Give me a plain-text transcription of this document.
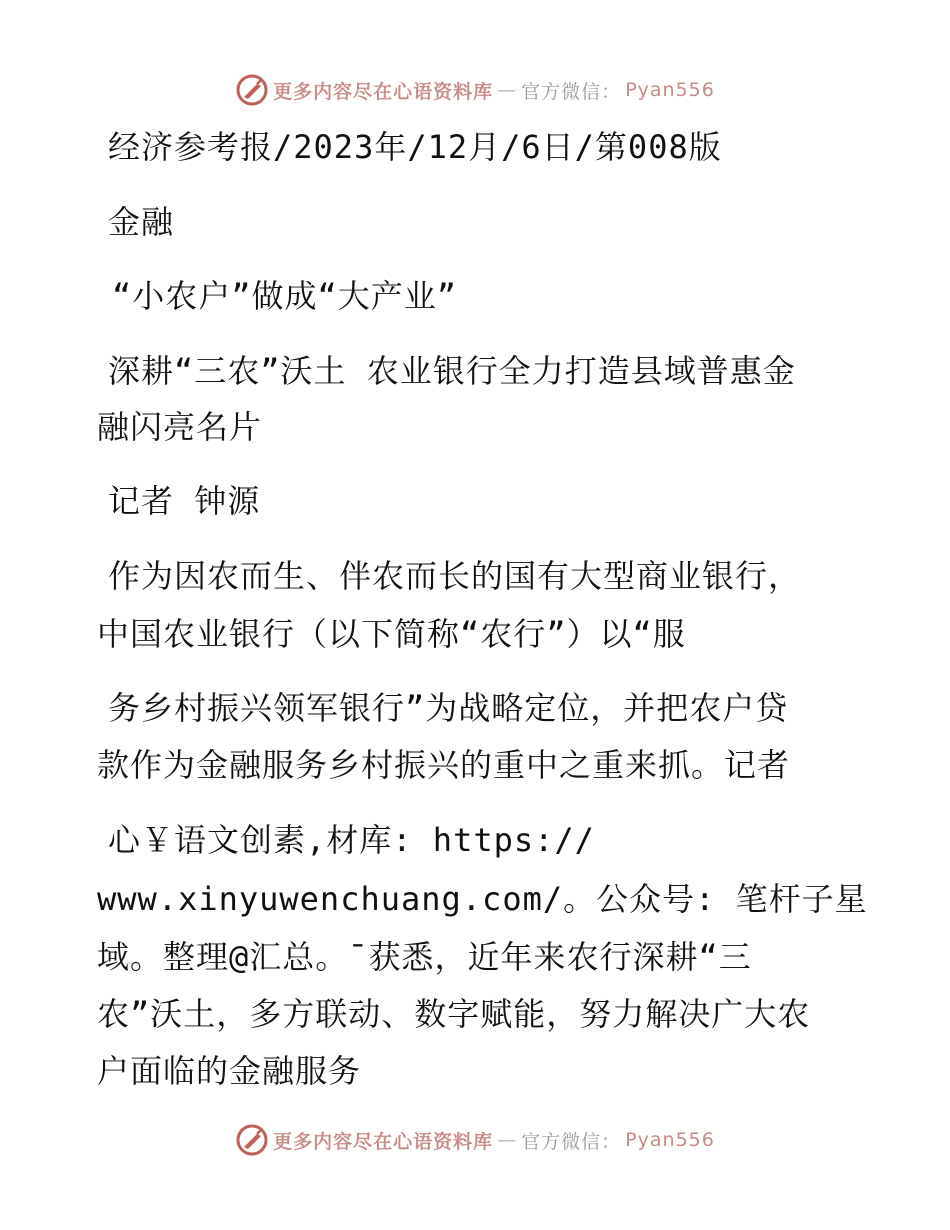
更多内容尽在心语资料库 — 官方微信： Pyan556
经济参考报/2023年/12月/6日/第008版
金融
“小农户”做成“大产业”
深耕“三农”沃土 农业银行全力打造县域普惠金
融闪亮名片
记者 钟源
作为因农而生、伴农而长的国有大型商业银行，
中国农业银行（以下简称“农行”）以“服
务乡村振兴领军银行”为战略定位，并把农户贷
款作为金融服务乡村振兴的重中之重来抓。记者
心￥语文创素,材库: https://
www.xinyuwenchuang.com/。公众号: 笔杆子星
域。整理@汇总。¯获悉，近年来农行深耕“三
农”沃土，多方联动、数字赋能，努力解决广大农
户面临的金融服务
更多内容尽在心语资料库 — 官方微信： Pyan556
